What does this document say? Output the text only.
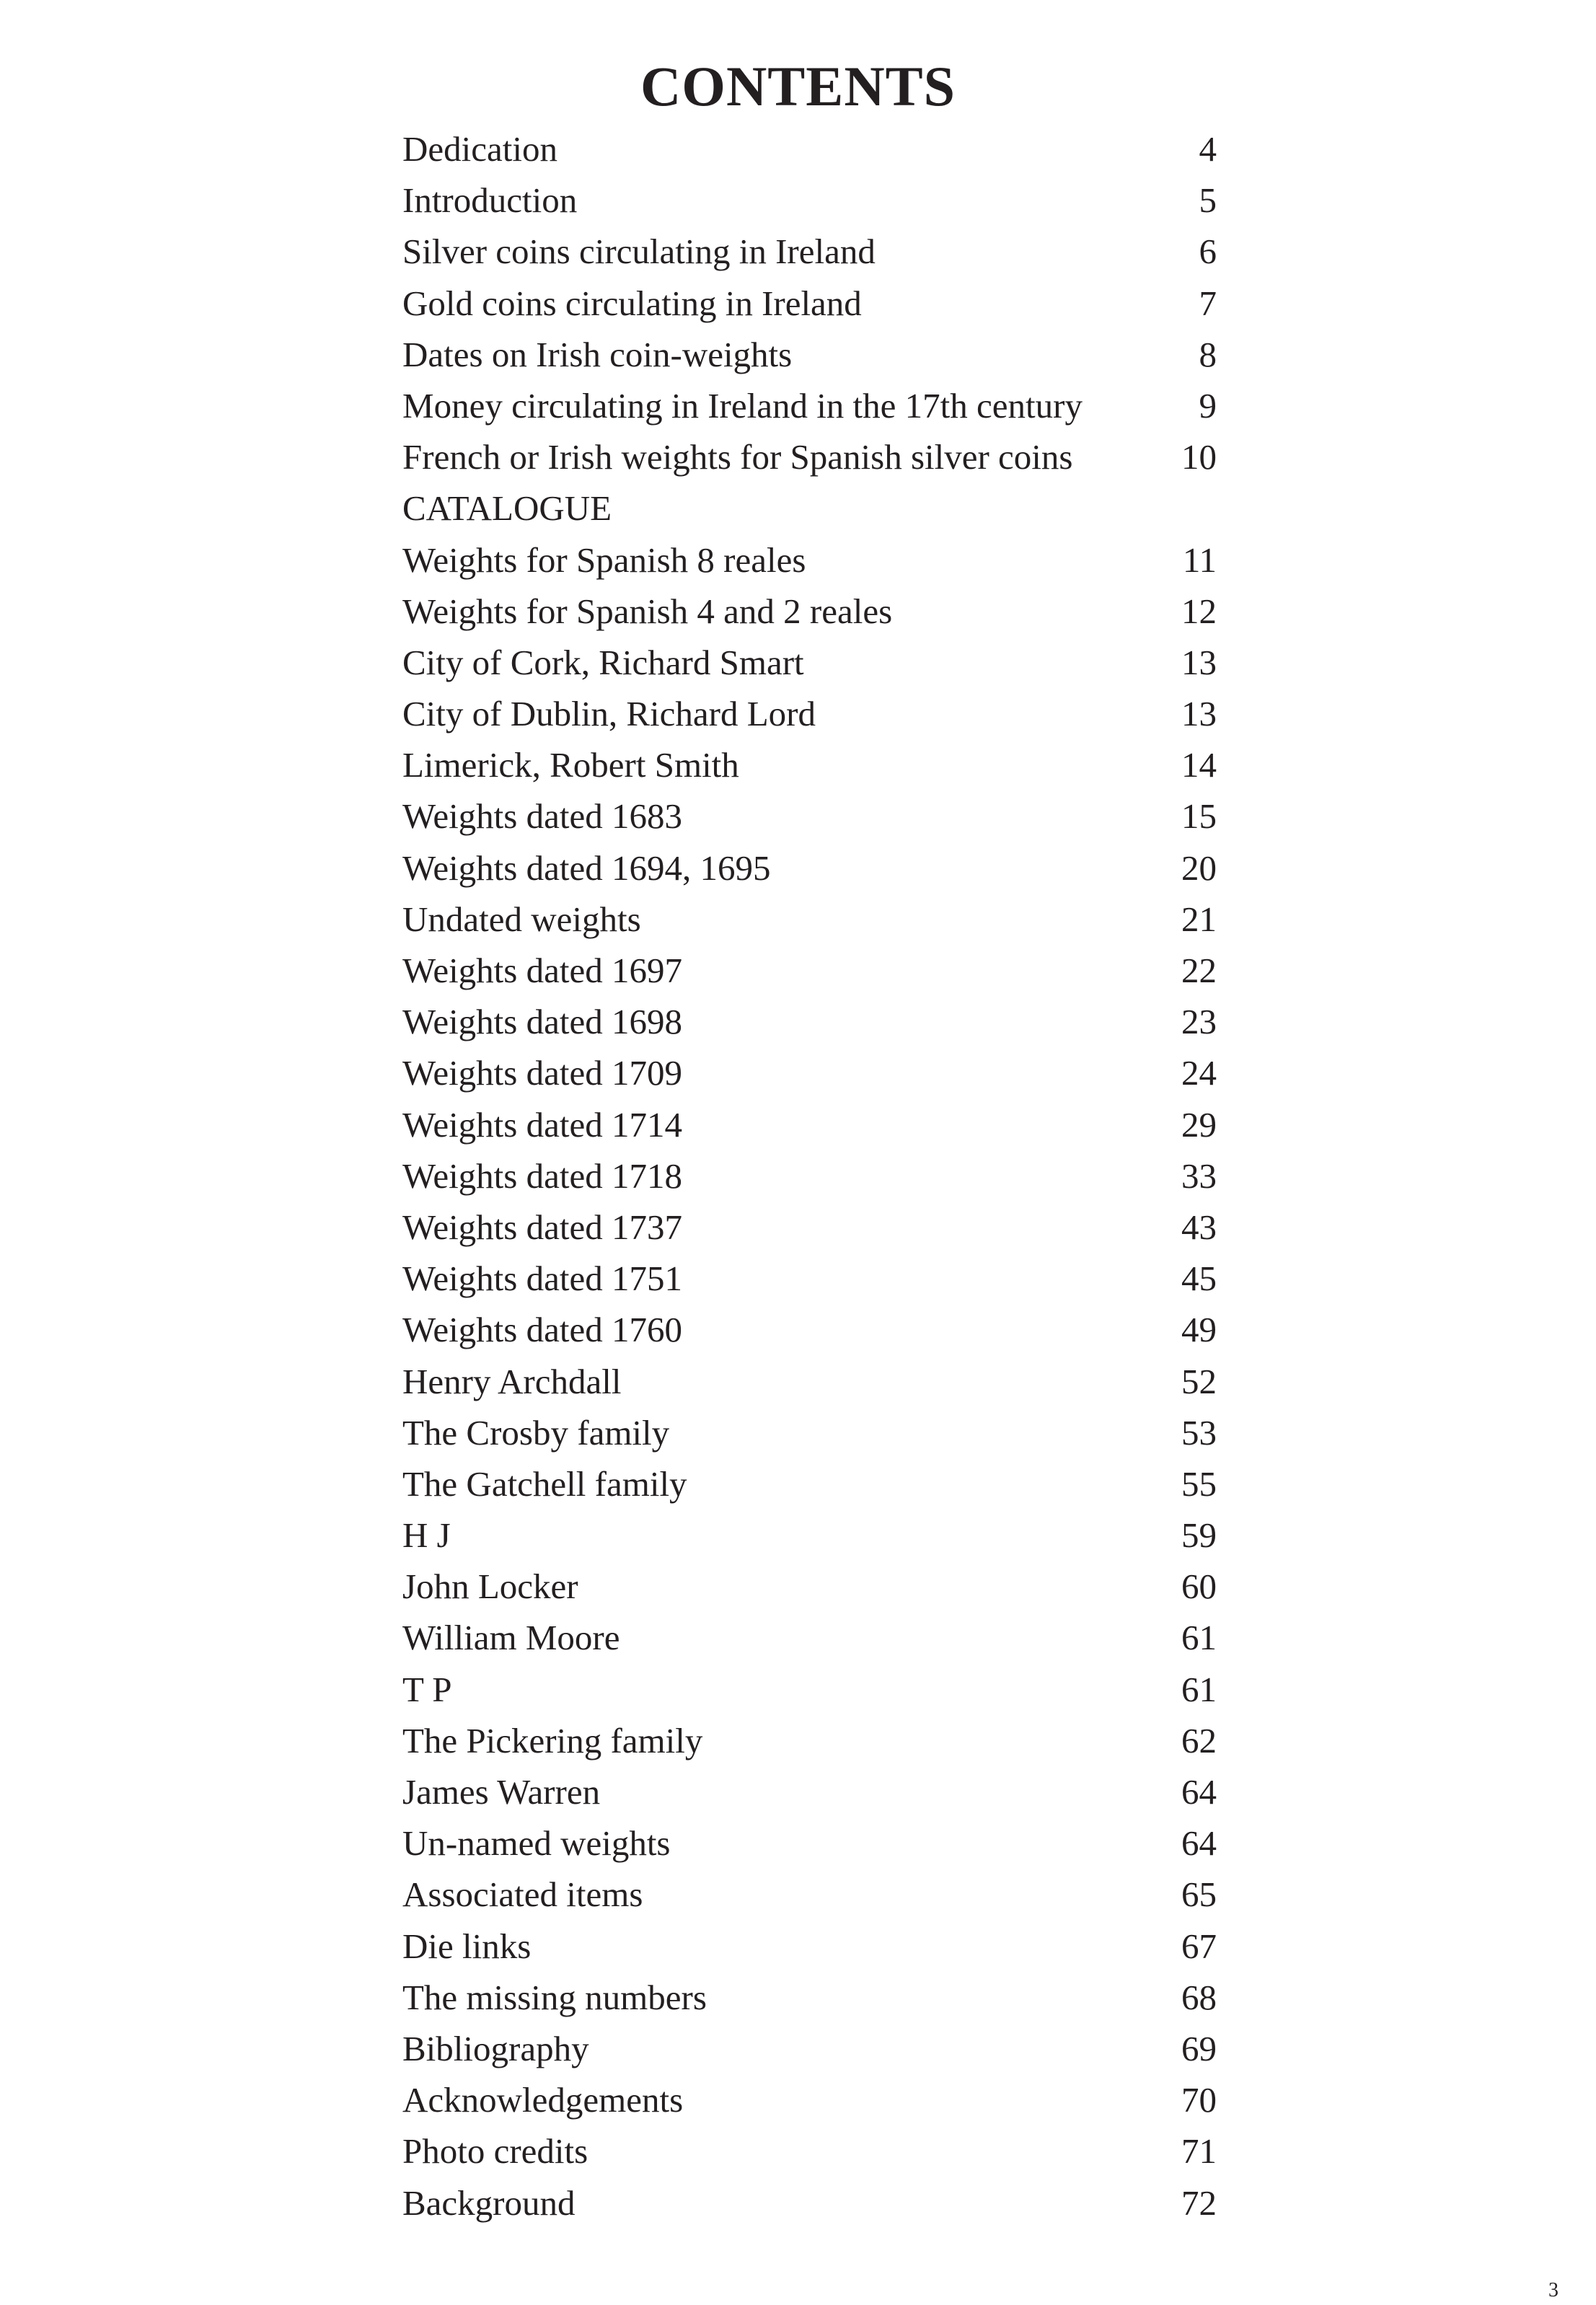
CONTENTS
Dedication	4
Introduction	5
Silver coins circulating in Ireland	6
Gold coins circulating in Ireland	7
Dates on Irish coin-weights	8
Money circulating in Ireland in the 17th century	9
French or Irish weights for Spanish silver coins	10
CATALOGUE
Weights for Spanish 8 reales	11
Weights for Spanish 4 and 2 reales	12
City of Cork, Richard Smart	13
City of Dublin, Richard Lord	13
Limerick, Robert Smith	14
Weights dated 1683	15
Weights dated 1694, 1695	20
Undated weights	21
Weights dated 1697	22
Weights dated 1698	23
Weights dated 1709	24
Weights dated 1714	29
Weights dated 1718	33
Weights dated 1737	43
Weights dated 1751	45
Weights dated 1760	49
Henry Archdall	52
The Crosby family	53
The Gatchell family	55
H J	59
John Locker	60
William Moore	61
T P	61
The Pickering family	62
James Warren	64
Un-named weights	64
Associated items	65
Die links	67
The missing numbers	68
Bibliography	69
Acknowledgements	70
Photo credits	71
Background	72
3
